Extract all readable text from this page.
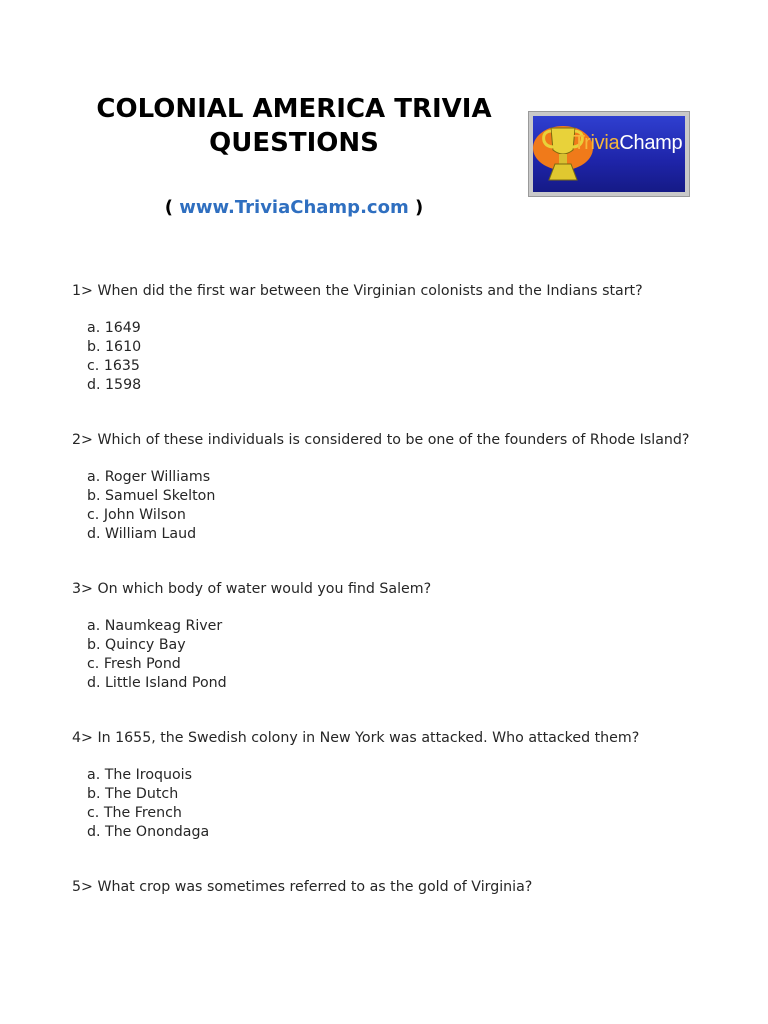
COLONIAL AMERICA TRIVIA
QUESTIONS
( www.TriviaChamp.com )
TriviaChamp

1> When did the first war between the Virginian colonists and the Indians start?

a. 1649
b. 1610
c. 1635
d. 1598

2> Which of these individuals is considered to be one of the founders of Rhode Island?

a. Roger Williams
b. Samuel Skelton
c. John Wilson
d. William Laud

3> On which body of water would you find Salem?

a. Naumkeag River
b. Quincy Bay
c. Fresh Pond
d. Little Island Pond

4> In 1655, the Swedish colony in New York was attacked. Who attacked them?

a. The Iroquois
b. The Dutch
c. The French
d. The Onondaga

5> What crop was sometimes referred to as the gold of Virginia?
